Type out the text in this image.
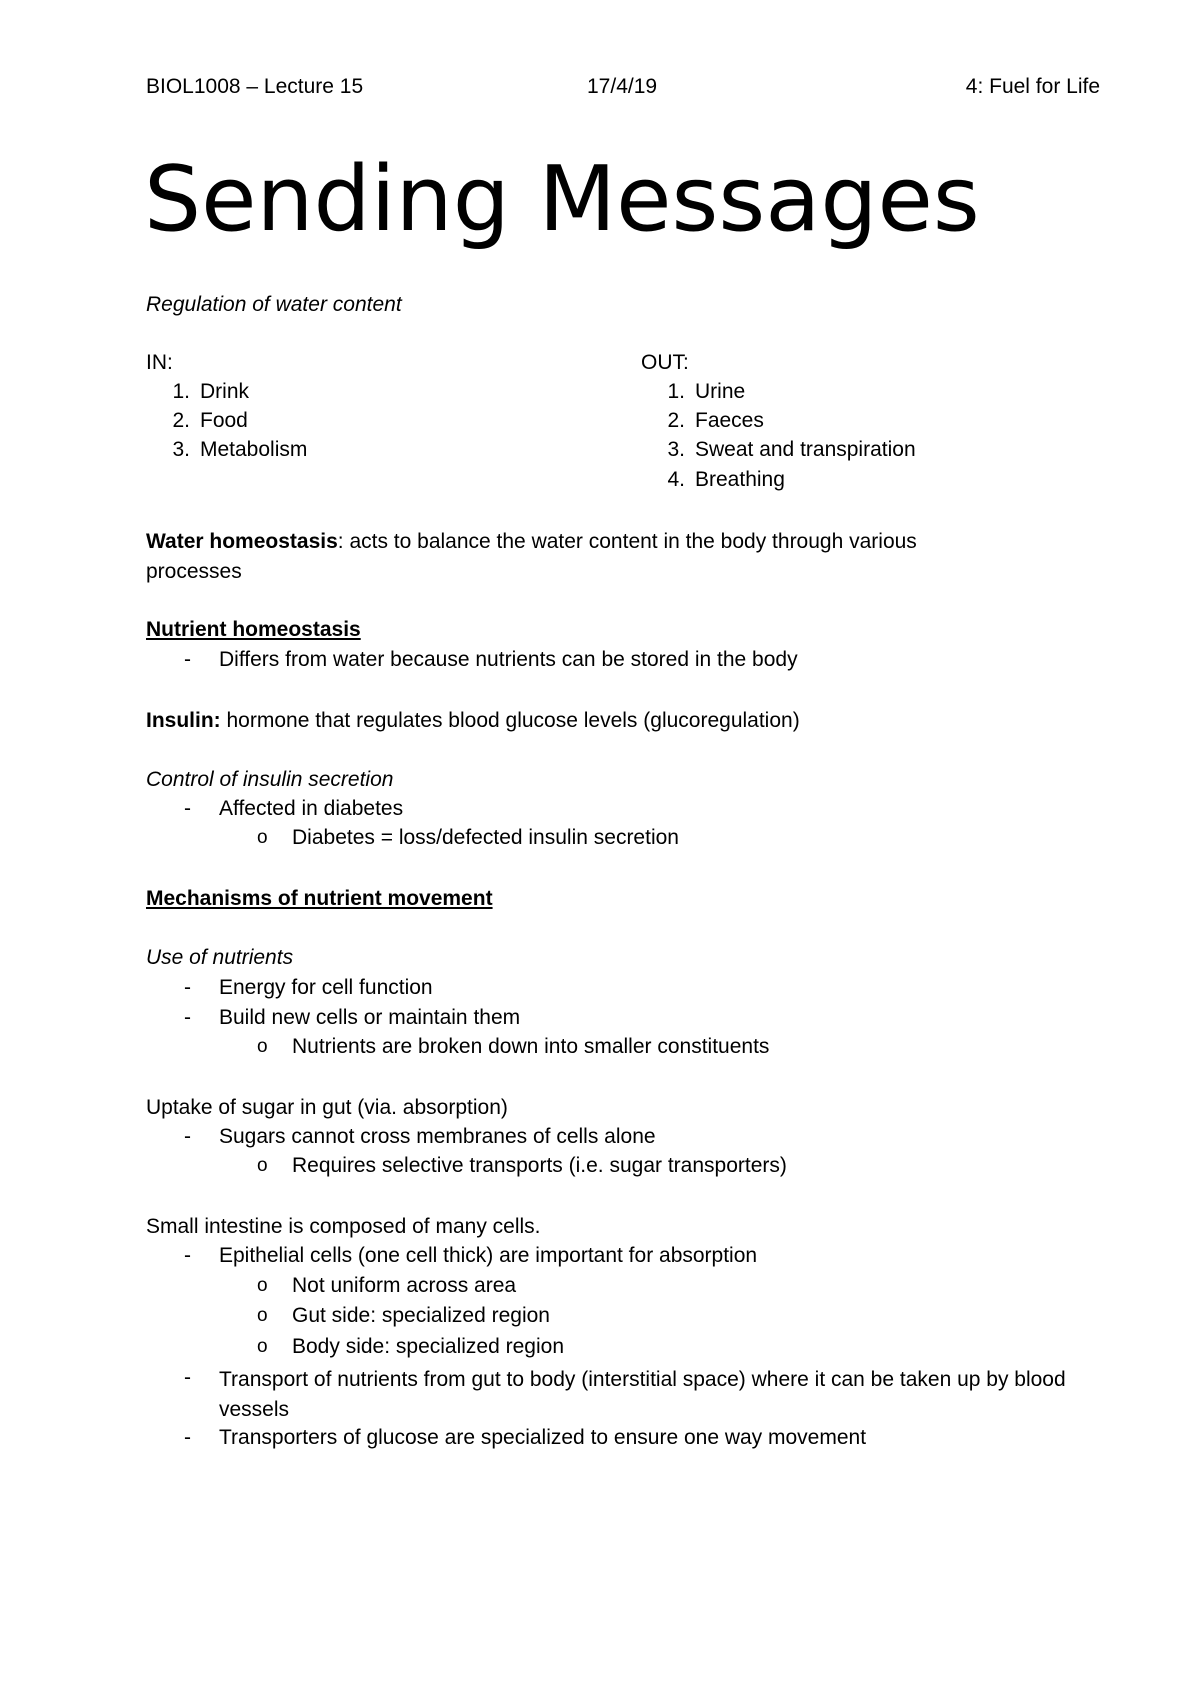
BIOL1008 – Lecture 15	17/4/19	4: Fuel for Life
Sending Messages
Regulation of water content
IN:
1. Drink
2. Food
3. Metabolism
OUT:
1. Urine
2. Faeces
3. Sweat and transpiration
4. Breathing
Water homeostasis: acts to balance the water content in the body through various processes
Nutrient homeostasis
- Differs from water because nutrients can be stored in the body
Insulin: hormone that regulates blood glucose levels (glucoregulation)
Control of insulin secretion
- Affected in diabetes
o Diabetes = loss/defected insulin secretion
Mechanisms of nutrient movement
Use of nutrients
- Energy for cell function
- Build new cells or maintain them
o Nutrients are broken down into smaller constituents
Uptake of sugar in gut (via. absorption)
- Sugars cannot cross membranes of cells alone
o Requires selective transports (i.e. sugar transporters)
Small intestine is composed of many cells.
- Epithelial cells (one cell thick) are important for absorption
o Not uniform across area
o Gut side: specialized region
o Body side: specialized region
- Transport of nutrients from gut to body (interstitial space) where it can be taken up by blood vessels
- Transporters of glucose are specialized to ensure one way movement
